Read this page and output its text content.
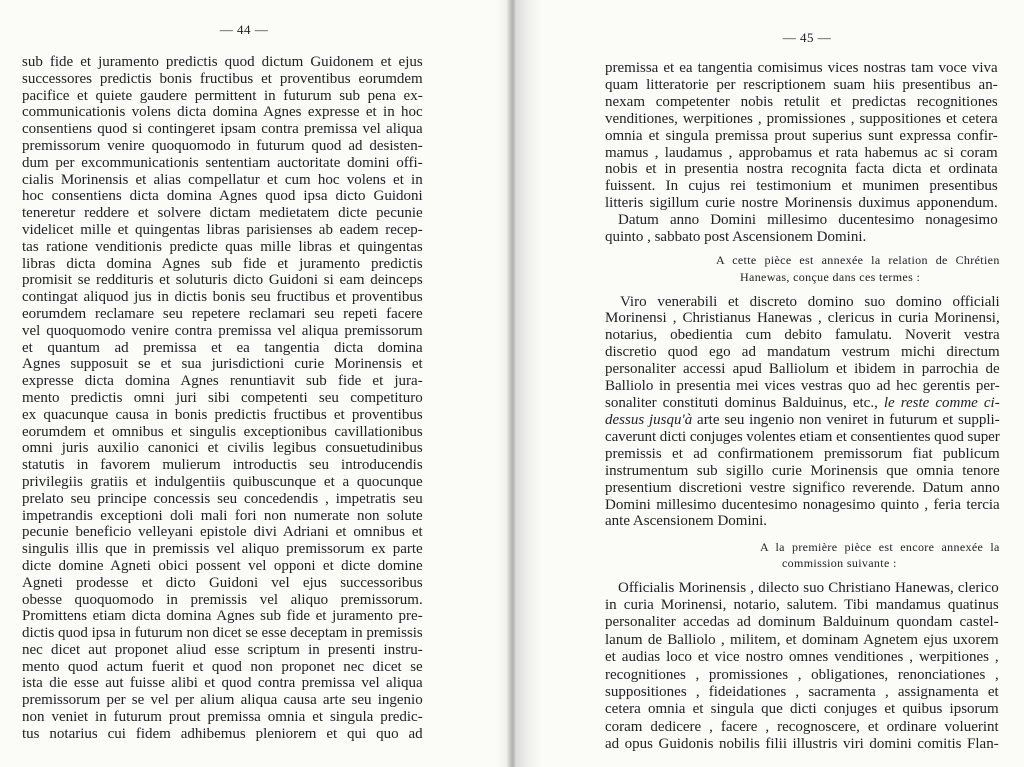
— 44 —
sub fide et juramento predictis quod dictum Guidonem et ejus
successores predictis bonis fructibus et proventibus eorumdem
pacifice et quiete gaudere permittent in futurum sub pena ex-
communicationis volens dicta domina Agnes expresse et in hoc
consentiens quod si contingeret ipsam contra premissa vel aliqua
premissorum venire quoquomodo in futurum quod ad desisten-
dum per excommunicationis sententiam auctoritate domini offi-
cialis Morinensis et alias compellatur et cum hoc volens et in
hoc consentiens dicta domina Agnes quod ipsa dicto Guidoni
teneretur reddere et solvere dictam medietatem dicte pecunie
videlicet mille et quingentas libras parisienses ab eadem recep-
tas ratione venditionis predicte quas mille libras et quingentas
libras dicta domina Agnes sub fide et juramento predictis
promisit se reddituris et soluturis dicto Guidoni si eam deinceps
contingat aliquod jus in dictis bonis seu fructibus et proventibus
eorumdem reclamare seu repetere reclamari seu repeti facere
vel quoquomodo venire contra premissa vel aliqua premissorum
et quantum ad premissa et ea tangentia dicta domina
Agnes supposuit se et sua jurisdictioni curie Morinensis et
expresse dicta domina Agnes renuntiavit sub fide et jura-
mento predictis omni juri sibi competenti seu competituro
ex quacunque causa in bonis predictis fructibus et proventibus
eorumdem et omnibus et singulis exceptionibus cavillationibus
omni juris auxilio canonici et civilis legibus consuetudinibus
statutis in favorem mulierum introductis seu introducendis
privilegiis gratiis et indulgentiis quibuscunque et a quocunque
prelato seu principe concessis seu concedendis , impetratis seu
impetrandis exceptioni doli mali fori non numerate non solute
pecunie beneficio velleyani epistole divi Adriani et omnibus et
singulis illis que in premissis vel aliquo premissorum ex parte
dicte domine Agneti obici possent vel opponi et dicte domine
Agneti prodesse et dicto Guidoni vel ejus successoribus
obesse quoquomodo in premissis vel aliquo premissorum.
Promittens etiam dicta domina Agnes sub fide et juramento pre-
dictis quod ipsa in futurum non dicet se esse deceptam in premissis
nec dicet aut proponet aliud esse scriptum in presenti instru-
mento quod actum fuerit et quod non proponet nec dicet se
ista die esse aut fuisse alibi et quod contra premissa vel aliqua
premissorum per se vel per alium aliqua causa arte seu ingenio
non veniet in futurum prout premissa omnia et singula predic-
tus notarius cui fidem adhibemus pleniorem et qui quo ad
— 45 —
premissa et ea tangentia comisimus vices nostras tam voce viva
quam litteratorie per rescriptionem suam hiis presentibus an-
nexam competenter nobis retulit et predictas recognitiones
venditiones, werpitiones , promissiones , suppositiones et cetera
omnia et singula premissa prout superius sunt expressa confir-
mamus , laudamus , approbamus et rata habemus ac si coram
nobis et in presentia nostra recognita facta dicta et ordinata
fuissent. In cujus rei testimonium et munimen presentibus
litteris sigillum curie nostre Morinensis duximus apponendum.
Datum anno Domini millesimo ducentesimo nonagesimo
quinto , sabbato post Ascensionem Domini.
A cette pièce est annexée la relation de Chrétien
Hanewas, conçue dans ces termes :
Viro venerabili et discreto domino suo domino officiali
Morinensi , Christianus Hanewas , clericus in curia Morinensi,
notarius, obedientia cum debito famulatu. Noverit vestra
discretio quod ego ad mandatum vestrum michi directum
personaliter accessi apud Balliolum et ibidem in parrochia de
Balliolo in presentia mei vices vestras quo ad hec gerentis per-
sonaliter constituti dominus Balduinus, etc., le reste comme ci-
dessus jusqu'à arte seu ingenio non veniret in futurum et suppli-
caverunt dicti conjuges volentes etiam et consentientes quod super
premissis et ad confirmationem premissorum fiat publicum
instrumentum sub sigillo curie Morinensis que omnia tenore
presentium discretioni vestre significo reverende. Datum anno
Domini millesimo ducentesimo nonagesimo quinto , feria tercia
ante Ascensionem Domini.
A la première pièce est encore annexée la
commission suivante :
Officialis Morinensis , dilecto suo Christiano Hanewas, clerico
in curia Morinensi, notario, salutem. Tibi mandamus quatinus
personaliter accedas ad dominum Balduinum quondam castel-
lanum de Balliolo , militem, et dominam Agnetem ejus uxorem
et audias loco et vice nostro omnes venditiones , werpitiones ,
recognitiones , promissiones , obligationes, renonciationes ,
suppositiones , fideidationes , sacramenta , assignamenta et
cetera omnia et singula que dicti conjuges et quibus ipsorum
coram dedicere , facere , recognoscere, et ordinare voluerint
ad opus Guidonis nobilis filii illustris viri domini comitis Flan-
